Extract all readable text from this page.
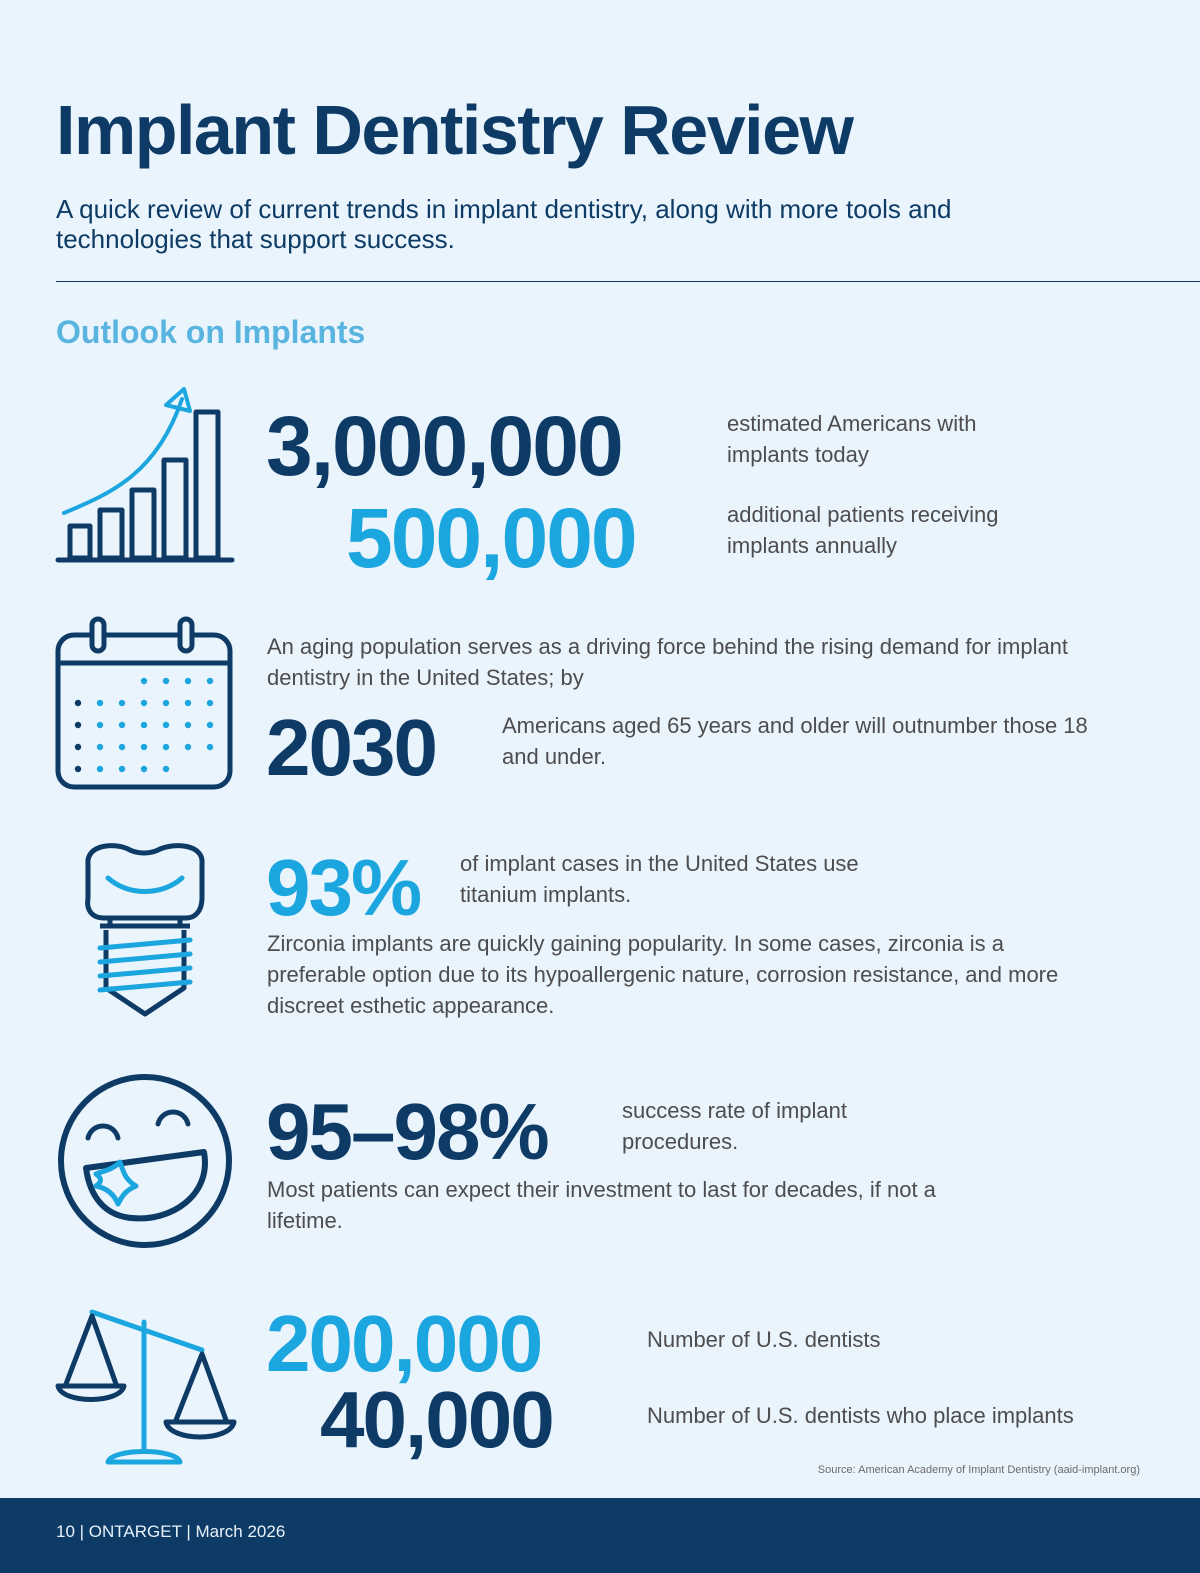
Implant Dentistry Review

A quick review of current trends in implant dentistry, along with more tools and technologies that support success.

Outlook on Implants
3,000,000	estimated Americans with implants today
500,000	additional patients receiving implants annually
An aging population serves as a driving force behind the rising demand for implant dentistry in the United States; by
2030	Americans aged 65 years and older will outnumber those 18 and under.
93% of implant cases in the United States use titanium implants.
Zirconia implants are quickly gaining popularity. In some cases, zirconia is a preferable option due to its hypoallergenic nature, corrosion resistance, and more discreet esthetic appearance.
95–98%	success rate of implant procedures.
Most patients can expect their investment to last for decades, if not a lifetime.
200,000	Number of U.S. dentists
40,000	Number of U.S. dentists who place implants
Source: American Academy of Implant Dentistry (aaid-implant.org)
10 | ONTARGET | March 2026
